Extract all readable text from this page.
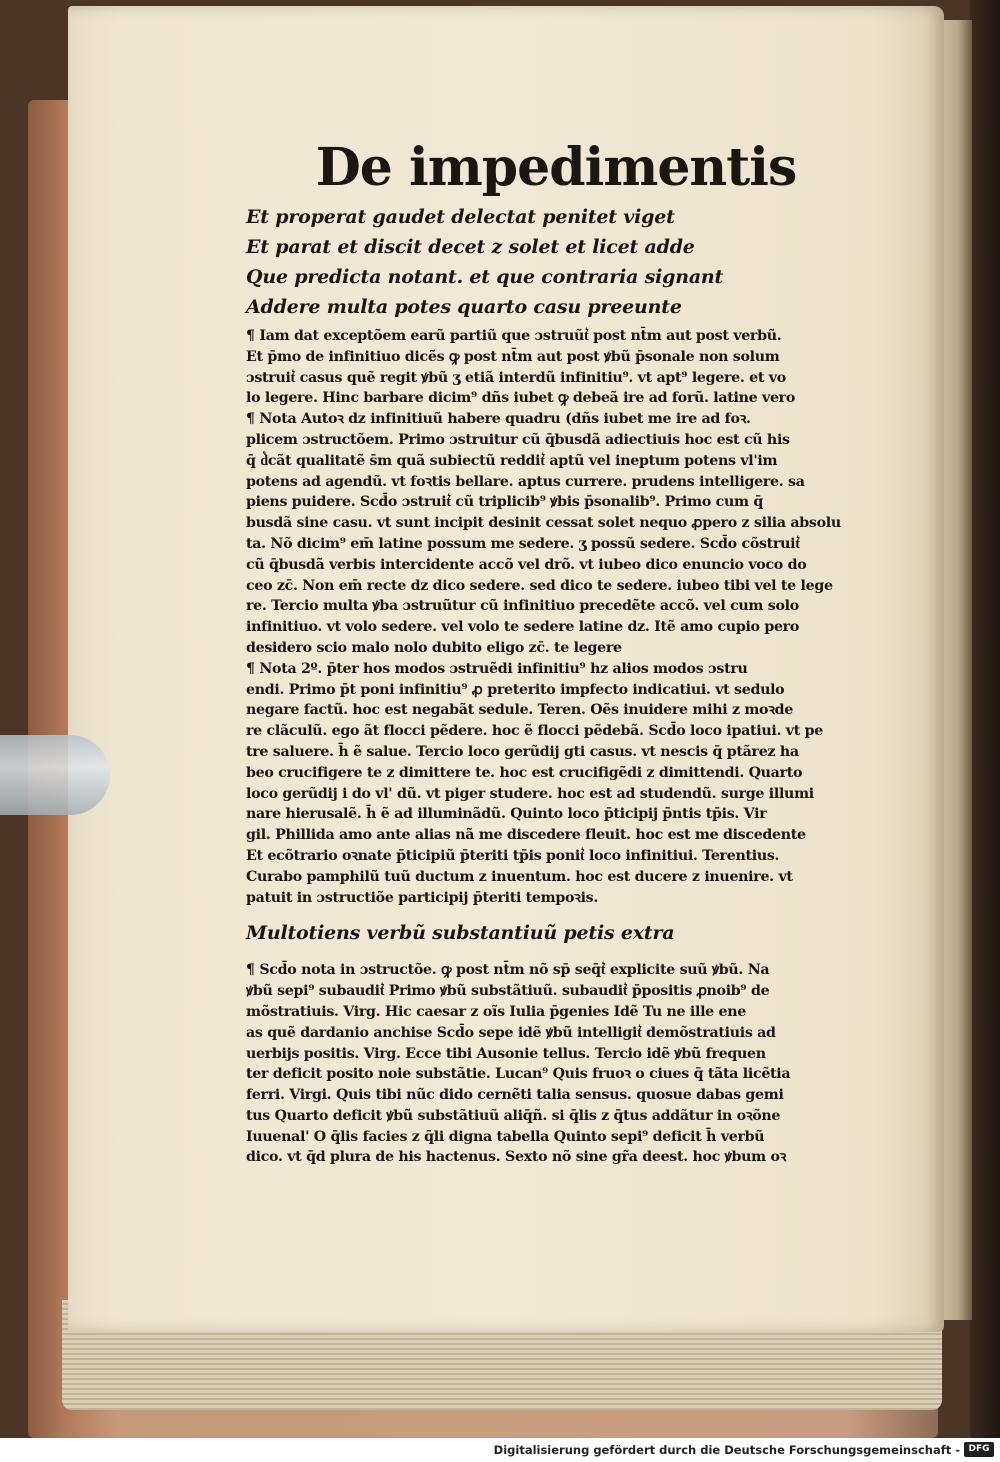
De impedimentis
Et properat gaudet delectat penitet viget
Et parat et discit decet z solet et licet adde
Que predicta notant. et que contraria signant
Addere multa potes quarto casu preeunte
¶ Iam dat exceptõem earũ partiũ que ɔstruũt͛ post nt̄m aut post verbũ.
Et p̄mo de infinitiuo dicẽs ꝙ post nt̄m aut post ꝟbũ p̄sonale non solum
ɔstruit͛ casus quẽ regit ꝟbũ ʒ etiã interdũ infinitiu⁹. vt apt⁹ legere. et vo
lo legere. Hinc barbare dicim⁹ dñs iubet ꝙ debeã ire ad forũ. latine vero
¶ Nota Autoꝛ dz infinitiuũ habere quadru (dñs iubet me ire ad foꝛ.
plicem ɔstructõem. Primo ɔstruitur cũ q̄busdã adiectiuis hoc est cũ his
q̄ d͛cãt qualitatẽ s̄m quã subiectũ reddit͛ aptũ vel ineptum potens vl'im
potens ad agendũ. vt foꝛtis bellare. aptus currere. prudens intelligere. sa
piens puidere. Scd̄o ɔstruit͛ cũ triplicib⁹ ꝟbis p̄sonalib⁹. Primo cum q̄
busdã sine casu. vt sunt incipit desinit cessat solet nequo ꝓpero z silia absolu
ta. Nõ dicim⁹ em̄ latine possum me sedere. ʒ possũ sedere. Scd̄o cõstruit͛
cũ q̄busdã verbis intercidente accõ vel drõ. vt iubeo dico enuncio voco do
ceo zc̄. Non em̄ recte dz dico sedere. sed dico te sedere. iubeo tibi vel te lege
re. Tercio multa ꝟba ɔstruũtur cũ infinitiuo precedẽte accõ. vel cum solo
infinitiuo. vt volo sedere. vel volo te sedere latine dz. Itẽ amo cupio pero
desidero scio malo nolo dubito eligo zc̄. te legere
¶ Nota 2º. p̄ter hos modos ɔstruẽdi infinitiu⁹ hz alios modos ɔstru
endi. Primo p̄t poni infinitiu⁹ ꝓ preterito impfecto indicatiui. vt sedulo
negare factũ. hoc est negabãt sedule. Teren. Oẽs inuidere mihi z moꝛde
re clãculũ. ego ãt flocci pẽdere. hoc ẽ flocci pẽdebã. Scd̄o loco ipatiui. vt pe
tre saluere. h̄ ẽ salue. Tercio loco gerũdij gti casus. vt nescis q̄ ptãrez ha
beo crucifigere te z dimittere te. hoc est crucifigẽdi z dimittendi. Quarto
loco gerũdij i do vl' dũ. vt piger studere. hoc est ad studendũ. surge illumi
nare hierusalẽ. h̄ ẽ ad illuminãdũ. Quinto loco p̄ticipij p̄ntis tp̄is. Vir
gil. Phillida amo ante alias nã me discedere fleuit. hoc est me discedente
Et ecõtrario oꝛnate p̄ticipiũ p̄teriti tp̄is ponit͛ loco infinitiui. Terentius.
Curabo pamphilũ tuũ ductum z inuentum. hoc est ducere z inuenire. vt
patuit in ɔstructiõe participij p̄teriti tempoꝛis.
Multotiens verbũ substantiuũ petis extra
¶ Scd̄o nota in ɔstructõe. ꝙ post nt̄m nõ sp̄ seq̄t͛ explicite suũ ꝟbũ. Na
ꝟbũ sepi⁹ subaudit͛ Primo ꝟbũ substãtiuũ. subaudit͛ p̄positis ꝓnoib⁹ de
mõstratiuis. Virg. Hic caesar z oĩs Iulia p̄genies Idẽ Tu ne ille ene
as quẽ dardanio anchise Scd̄o sepe idẽ ꝟbũ intelligit͛ demõstratiuis ad
uerbijs positis. Virg. Ecce tibi Ausonie tellus. Tercio idẽ ꝟbũ frequen
ter deficit posito noie substãtie. Lucan⁹ Quis fruoꝛ o ciues q̄ tãta licẽtia
ferri. Virgi. Quis tibi nũc dido cernẽti talia sensus. quosue dabas gemi
tus Quarto deficit ꝟbũ substãtiuũ aliq̄ñ. si q̄lis z q̄tus addãtur in oꝛõne
Iuuenal' O q̄lis facies z q̄li digna tabella Quinto sepi⁹ deficit h̄ verbũ
dico. vt q̄d plura de his hactenus. Sexto nõ sine gr̃a deest. hoc ꝟbum oꝛ
Digitalisierung gefördert durch die Deutsche Forschungsgemeinschaft - DFG
